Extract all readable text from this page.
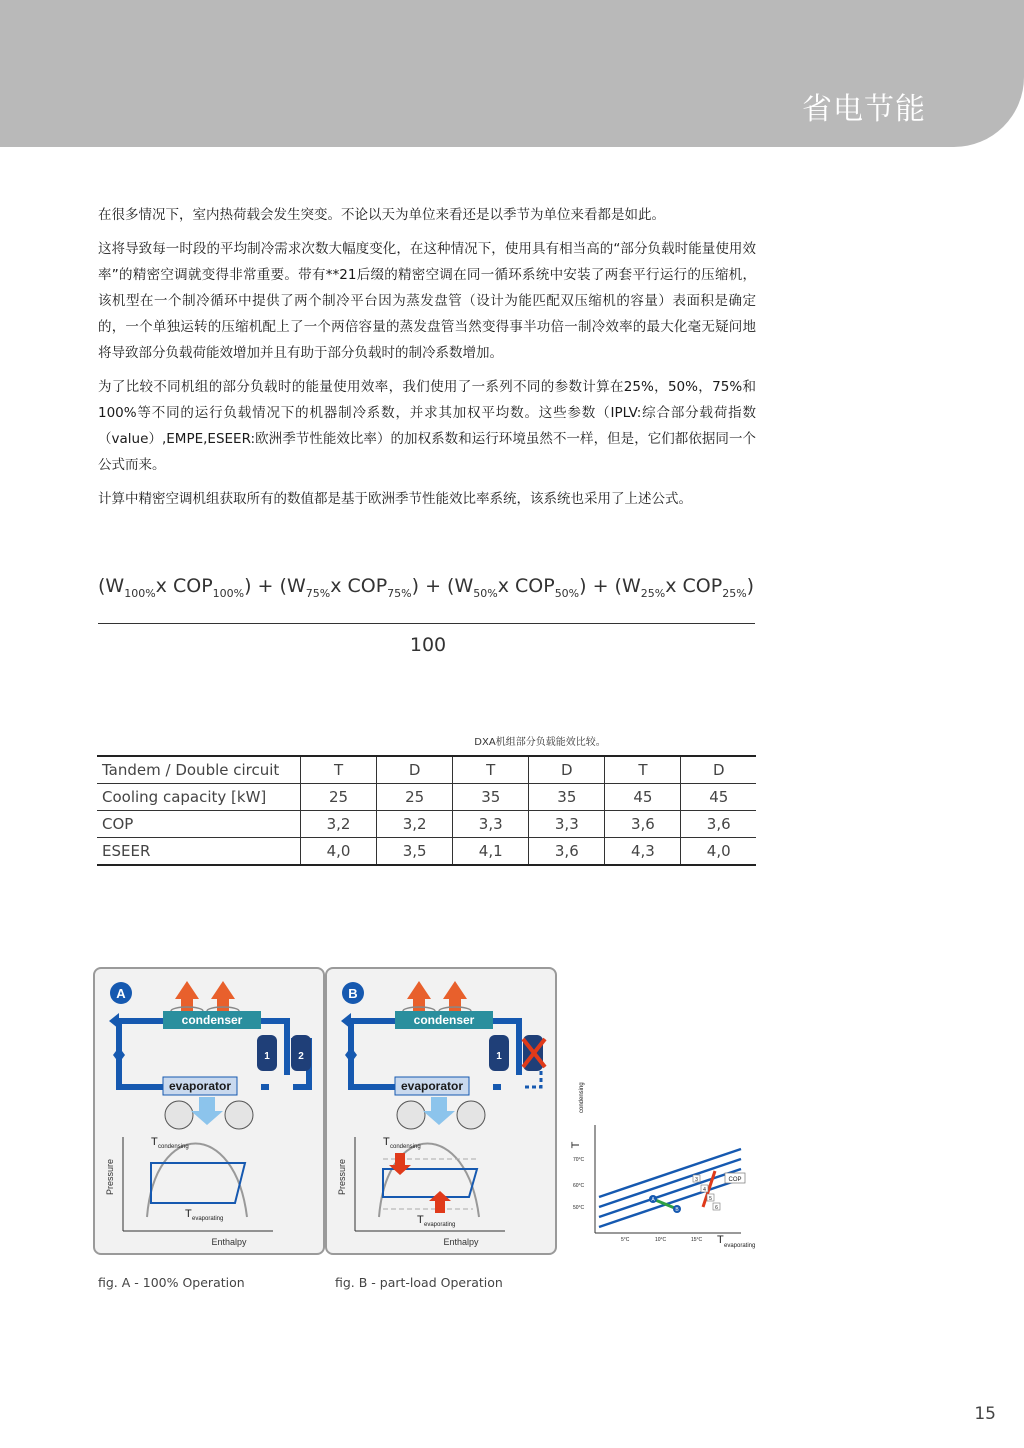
省电节能

在很多情况下，室内热荷载会发生突变。不论以天为单位来看还是以季节为单位来看都是如此。

这将导致每一时段的平均制冷需求次数大幅度变化，在这种情况下，使用具有相当高的“部分负载时能量使用效率”的精密空调就变得非常重要。带有**21后缀的精密空调在同一循环系统中安装了两套平行运行的压缩机，该机型在一个制冷循环中提供了两个制冷平台因为蒸发盘管（设计为能匹配双压缩机的容量）表面积是确定的，一个单独运转的压缩机配上了一个两倍容量的蒸发盘管当然变得事半功倍一制冷效率的最大化毫无疑问地将导致部分负载荷能效增加并且有助于部分负载时的制冷系数增加。

为了比较不同机组的部分负载时的能量使用效率，我们使用了一系列不同的参数计算在25%，50%，75%和100%等不同的运行负载情况下的机器制冷系数，并求其加权平均数。这些参数（IPLV:综合部分载荷指数（value）,EMPE,ESEER:欧洲季节性能效比率）的加权系数和运行环境虽然不一样，但是，它们都依据同一个公式而来。

计算中精密空调机组获取所有的数值都是基于欧洲季节性能效比率系统，该系统也采用了上述公式。

($W_{100\%}x$ $COP_{100\%}) + (W_{75\%}x$ $COP_{75\%}) + (W_{50\%}x$ $COP_{50\%}) + (W_{25\%}x$ $COP_{25\%}$)
100
DXA机组部分负载能效比较。
Tandem / Double circuit	T	D	T	D	T	D
Cooling capacity [kW]	25	25	35	35	45	45
COP	3,2	3,2	3,3	3,3	3,6	3,6
ESEER	4,0	3,5	4,1	3,6	4,3	4,0
condenser
1	2
evaporator
A
Pressure
Enthalpy
T condensing
T evaporating
condenser
1
evaporator
B
Pressure
Enthalpy
T condensing
T evaporating
T
condensing
70°C
60°C
50°C
5°C	10°C	15°C T evaporating
A
B
COP
3
4
5
6
fig. A - 100% Operation	fig. B - part-load Operation
15
